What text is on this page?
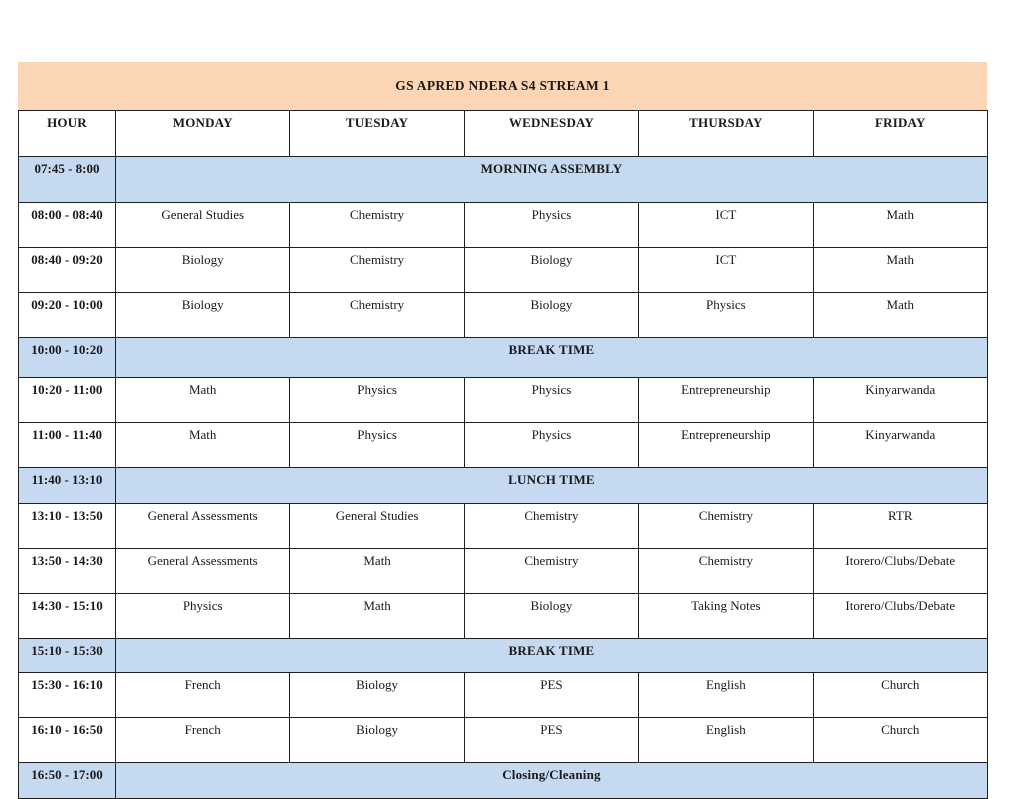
GS APRED NDERA S4 STREAM 1
HOUR	MONDAY	TUESDAY	WEDNESDAY	THURSDAY	FRIDAY
07:45 - 8:00	MORNING ASSEMBLY				
08:00 - 08:40	General Studies	Chemistry	Physics	ICT	Math
08:40 - 09:20	Biology	Chemistry	Biology	ICT	Math
09:20 - 10:00	Biology	Chemistry	Biology	Physics	Math
10:00 - 10:20	BREAK TIME				
10:20 - 11:00	Math	Physics	Physics	Entrepreneurship	Kinyarwanda
11:00 - 11:40	Math	Physics	Physics	Entrepreneurship	Kinyarwanda
11:40 - 13:10	LUNCH TIME				
13:10 - 13:50	General Assessments	General Studies	Chemistry	Chemistry	RTR
13:50 - 14:30	General Assessments	Math	Chemistry	Chemistry	Itorero/Clubs/Debate
14:30 - 15:10	Physics	Math	Biology	Taking Notes	Itorero/Clubs/Debate
15:10 - 15:30	BREAK TIME				
15:30 - 16:10	French	Biology	PES	English	Church
16:10 - 16:50	French	Biology	PES	English	Church
16:50 - 17:00	Closing/Cleaning				
